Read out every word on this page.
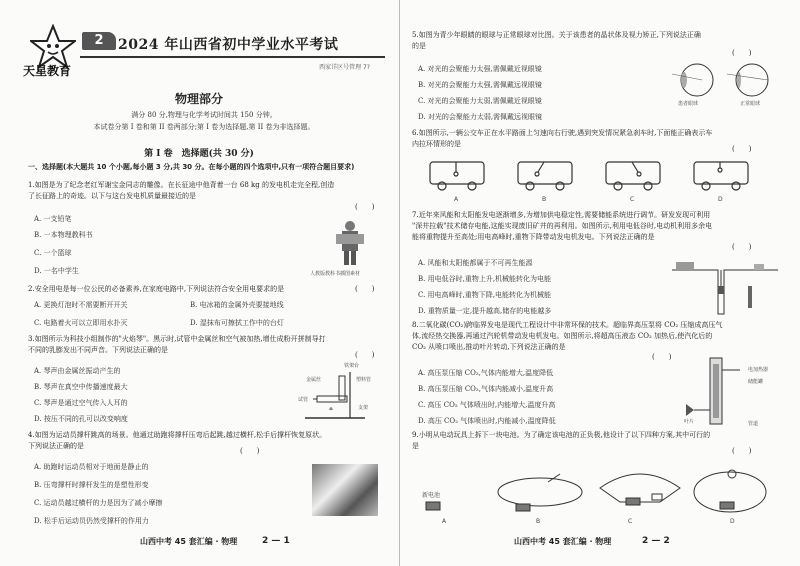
天星教育
2	2024 年山西省初中学业水平考试
西家详区号管理 7?
物理部分
满分 80 分,物理与化学考试时间共 150 分钟。
本试卷分第 I 卷和第 II 卷两部分;第 I 卷为选择题,第 II 卷为非选择题。
第 I 卷　选择题(共 30 分)
一、选择题(本大题共 10 个小题,每小题 3 分,共 30 分。在每小题的四个选项中,只有一项符合题目要求)
1.如图是为了纪念老红军谢宝金同志的雕像。在长征途中他背着一台 68 kg 的发电机走完全程,创造
了长征路上的奇迹。以下与这台发电机质量最接近的是
(　　)
A. 一支铅笔
B. 一本物理教科书
C. 一个篮球
D. 一名中学生	人教版教科书插图素材
2.安全用电是每一位公民的必备素养,在家庭电路中,下列说法符合安全用电要求的是	(　　)
A. 更换灯泡时不需要断开开关	B. 电冰箱的金属外壳要接地线
C. 电路着火可以立即用水扑灭	D. 湿抹布可擦拭工作中的台灯
3.如图所示为科技小组制作的"火焰琴"。黑示时,试管中金属丝和空气被加热,增仕成粉开拼制导打
不同的乳膨发出不同声音。下列说法正确的是
(　　)
A. 琴声由金属丝振动产生的
B. 琴声在真空中传播速度最大
C. 琴声是通过空气传入人耳的
D. 按压不同的孔可以改变响度
金属丝
铁架台
塑料管
试管
支架
4.如图为运动员撑杆跳高的场景。他通过助跑将撑杆压弯后起跳,越过横杆,松手后撑杆恢复原状。
下列说法正确的是
(　　)
A. 助跑时运动员相对于地面是静止的
B. 压弯撑杆时撑杆发生的是塑性形变
C. 运动员越过横杆的力是因为了减小摩擦
D. 松手后运动员仍然受撑杆的作用力
山西中考 45 套汇编 · 物理	2 — 1
5.如图为青少年眼睛的眼球与正常眼球对比图。关于该患者的晶状体及视力矫正,下列说法正确
的是
(　　)
A. 对光的会聚能力太强,需佩戴近视眼镜
B. 对光的会聚能力太强,需佩戴远视眼镜
C. 对光的会聚能力太弱,需佩戴近视眼镜
D. 对光的会聚能力太弱,需佩戴远视眼镜
患者眼球	正常眼球
6.如图所示,一辆公交车正在水平路面上匀速向右行驶,遇到突发情况紧急刹车时,下面能正确表示车
内拉环情形的是
(　　)
A	B	C	D
7.近年来风能和太阳能发电逐渐增多,为增加供电稳定性,需要储能系统进行调节。研发发现可利用
"深井拉载"技术储存电能,这能实现废旧矿井的再利用。如图所示,利用电低谷时,电动机利用多余电
能将重物提升至高处;用电高峰时,重物下降带动发电机发电。下列说法正确的是
(　　)
A. 风能和太阳能都属于不可再生能源
B. 用电低谷时,重物上升,机械能转化为电能
C. 用电高峰时,重物下降,电能转化为机械能
D. 重物质量一定,提升越高,储存的电能越多
8.二氧化碳(CO₂)跨临界发电是现代工程设计中非常环保的技术。超临界高压泵将 CO₂ 压缩成高压气
体,流经热交换器,再通过汽轮机带动发电机发电。如图所示,将超高压液态 CO₂ 加热后,使汽化后的
CO₂ 从喷口喷出,推动叶片转动,下列说法正确的是
(　　)
A. 高压泵压缩 CO₂,气体内能增大,温度降低
B. 高压泵压缩 CO₂,气体内能减小,温度升高
C. 高压 CO₂ 气体喷出时,内能增大,温度升高
D. 高压 CO₂ 气体喷出时,内能减小,温度降低
电加热器
储能罐
叶片	管道
9.小明从电动玩具上拆下一块电池。为了确定该电池的正负极,他设计了以下四种方案,其中可行的
是
(　　)
新电池
A	B	C	D
山西中考 45 套汇编 · 物理	2 — 2
